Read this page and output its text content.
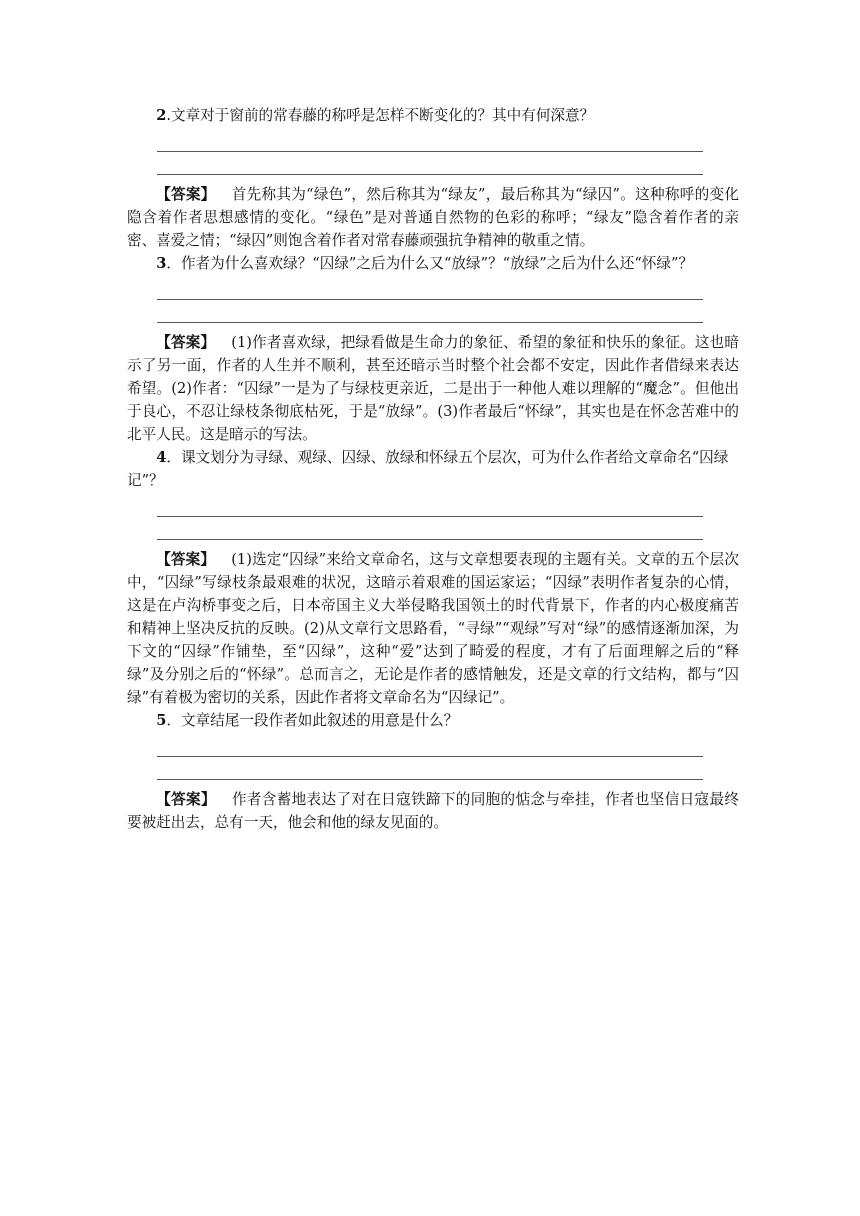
2.文章对于窗前的常春藤的称呼是怎样不断变化的？其中有何深意？

【答案】 首先称其为“绿色”，然后称其为“绿友”，最后称其为“绿囚”。这种称呼的变化隐含着作者思想感情的变化。“绿色”是对普通自然物的色彩的称呼；“绿友”隐含着作者的亲密、喜爱之情；“绿囚”则饱含着作者对常春藤顽强抗争精神的敬重之情。

3．作者为什么喜欢绿？“囚绿”之后为什么又“放绿”？“放绿”之后为什么还“怀绿”？

【答案】 (1)作者喜欢绿，把绿看做是生命力的象征、希望的象征和快乐的象征。这也暗示了另一面，作者的人生并不顺利，甚至还暗示当时整个社会都不安定，因此作者借绿来表达希望。(2)作者：“囚绿”一是为了与绿枝更亲近，二是出于一种他人难以理解的“魔念”。但他出于良心，不忍让绿枝条彻底枯死，于是“放绿”。(3)作者最后“怀绿”，其实也是在怀念苦难中的北平人民。这是暗示的写法。

4．课文划分为寻绿、观绿、囚绿、放绿和怀绿五个层次，可为什么作者给文章命名“囚绿记”？

【答案】 (1)选定“囚绿”来给文章命名，这与文章想要表现的主题有关。文章的五个层次中，“囚绿”写绿枝条最艰难的状况，这暗示着艰难的国运家运；“囚绿”表明作者复杂的心情，这是在卢沟桥事变之后，日本帝国主义大举侵略我国领土的时代背景下，作者的内心极度痛苦和精神上坚决反抗的反映。(2)从文章行文思路看，“寻绿”“观绿”写对“绿”的感情逐渐加深，为下文的“囚绿”作铺垫，至“囚绿”，这种“爱”达到了畸爱的程度，才有了后面理解之后的“释绿”及分别之后的“怀绿”。总而言之，无论是作者的感情触发，还是文章的行文结构，都与“囚绿”有着极为密切的关系，因此作者将文章命名为“囚绿记”。

5．文章结尾一段作者如此叙述的用意是什么？

【答案】 作者含蓄地表达了对在日寇铁蹄下的同胞的惦念与牵挂，作者也坚信日寇最终要被赶出去，总有一天，他会和他的绿友见面的。
